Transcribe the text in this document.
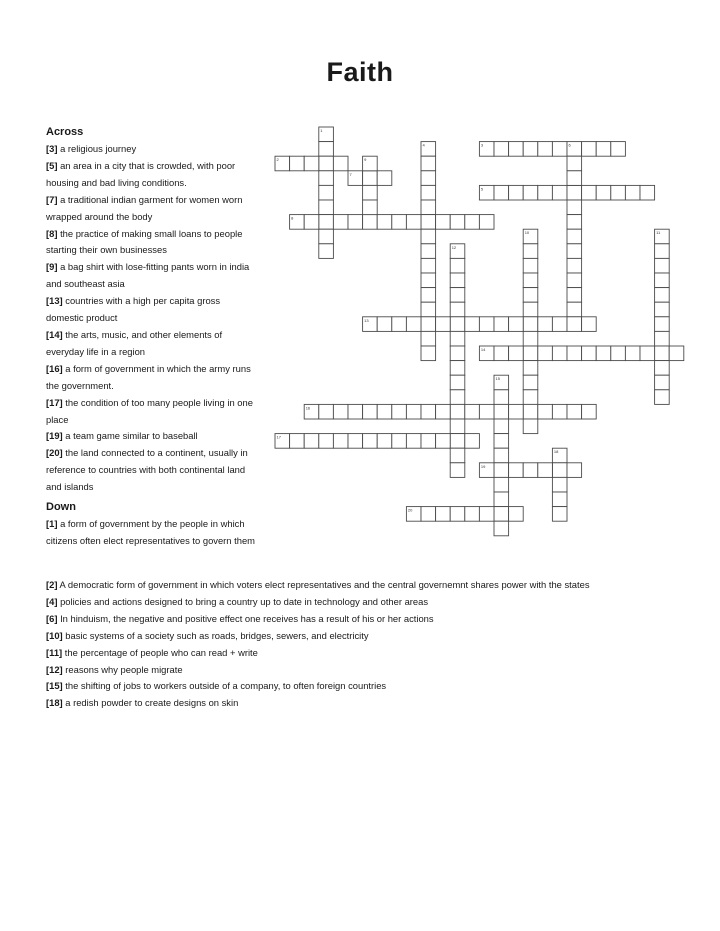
Faith
1
2
3
4
5
6
7
8
9
10	11
12
13
14
15
16
17
18
19
20
Across
[3] a religious journey
[5] an area in a city that is crowded, with poor housing and bad living conditions.
[7] a traditional indian garment for women worn wrapped around the body
[8] the practice of making small loans to people starting their own businesses
[9] a bag shirt with lose-fitting pants worn in india and southeast asia
[13] countries with a high per capita gross domestic product
[14] the arts, music, and other elements of everyday life in a region
[16] a form of government in which the army runs the government.
[17] the condition of too many people living in one place
[19] a team game similar to baseball
[20] the land connected to a continent, usually in reference to countries with both continental land and islands
Down
[1] a form of government by the people in which citizens often elect representatives to govern them
[2] A democratic form of government in which voters elect representatives and the central governemnt shares power with the states
[4] policies and actions designed to bring a country up to date in technology and other areas
[6] In hinduism, the negative and positive effect one receives has a result of his or her actions
[10] basic systems of a society such as roads, bridges, sewers, and electricity
[11] the percentage of people who can read + write
[12] reasons why people migrate
[15] the shifting of jobs to workers outside of a company, to often foreign countries
[18] a redish powder to create designs on skin
